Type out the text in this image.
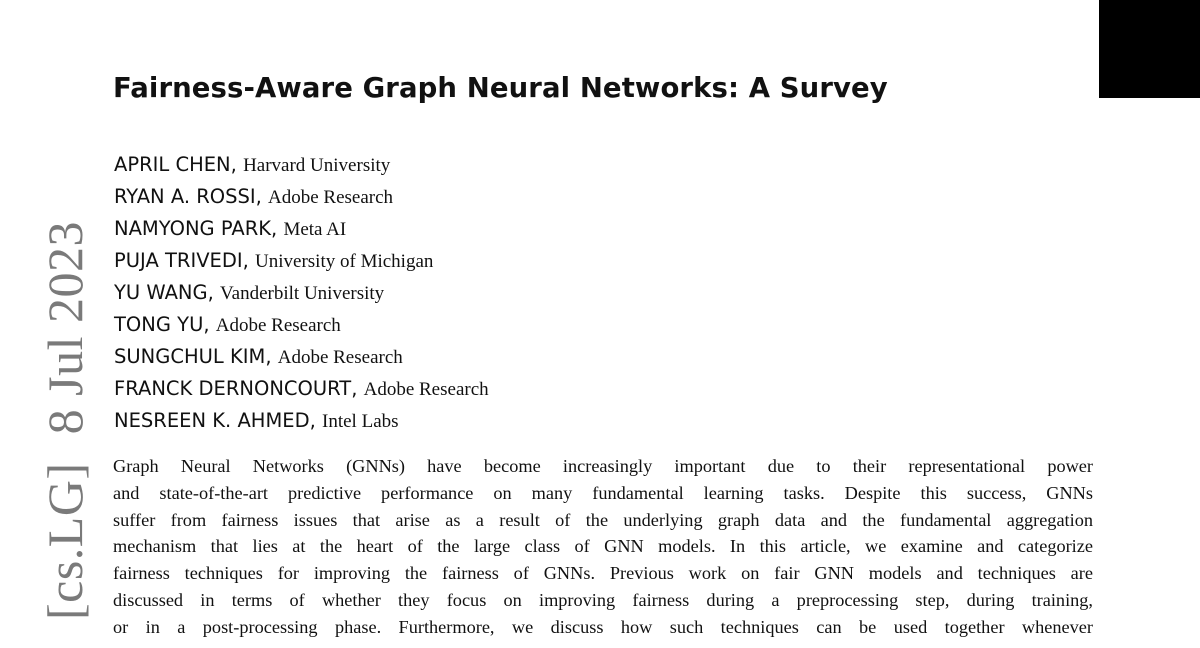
[cs.LG]8 Jul 2023
Fairness-Aware Graph Neural Networks: A Survey
APRIL CHEN, Harvard University
RYAN A. ROSSI, Adobe Research
NAMYONG PARK, Meta AI
PUJA TRIVEDI, University of Michigan
YU WANG, Vanderbilt University
TONG YU, Adobe Research
SUNGCHUL KIM, Adobe Research
FRANCK DERNONCOURT, Adobe Research
NESREEN K. AHMED, Intel Labs
Graph Neural Networks (GNNs) have become increasingly important due to their representational power
and state-of-the-art predictive performance on many fundamental learning tasks. Despite this success, GNNs
suffer from fairness issues that arise as a result of the underlying graph data and the fundamental aggregation
mechanism that lies at the heart of the large class of GNN models. In this article, we examine and categorize
fairness techniques for improving the fairness of GNNs. Previous work on fair GNN models and techniques are
discussed in terms of whether they focus on improving fairness during a preprocessing step, during training,
or in a post-processing phase. Furthermore, we discuss how such techniques can be used together whenever
